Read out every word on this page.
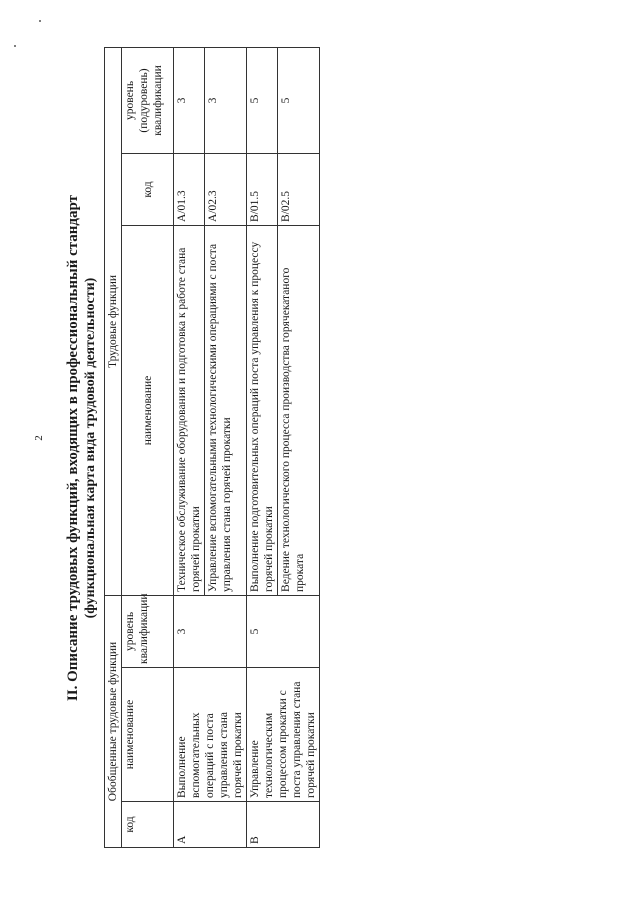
2 II. Описание трудовых функций, входящих в профессиональный стандарт (функциональная карта вида трудовой деятельности)
Обобщенные трудовые функции			Трудовые функции		
код	наименование	уровень квалификации	наименование	код	уровень (подуровень) квалификации
A	Выполнение вспомогательных операций с поста управления стана горячей прокатки	3	Техническое обслуживание оборудования и подготовка к работе стана горячей прокатки	A/01.3	3
			Управление вспомогательными технологическими операциями с поста управления стана горячей прокатки	A/02.3	3
B	Управление технологическим процессом прокатки с поста управления стана горячей прокатки	5	Выполнение подготовительных операций поста управления к процессу горячей прокатки	B/01.5	5
			Ведение технологического процесса производства горячекатаного проката	B/02.5	5
